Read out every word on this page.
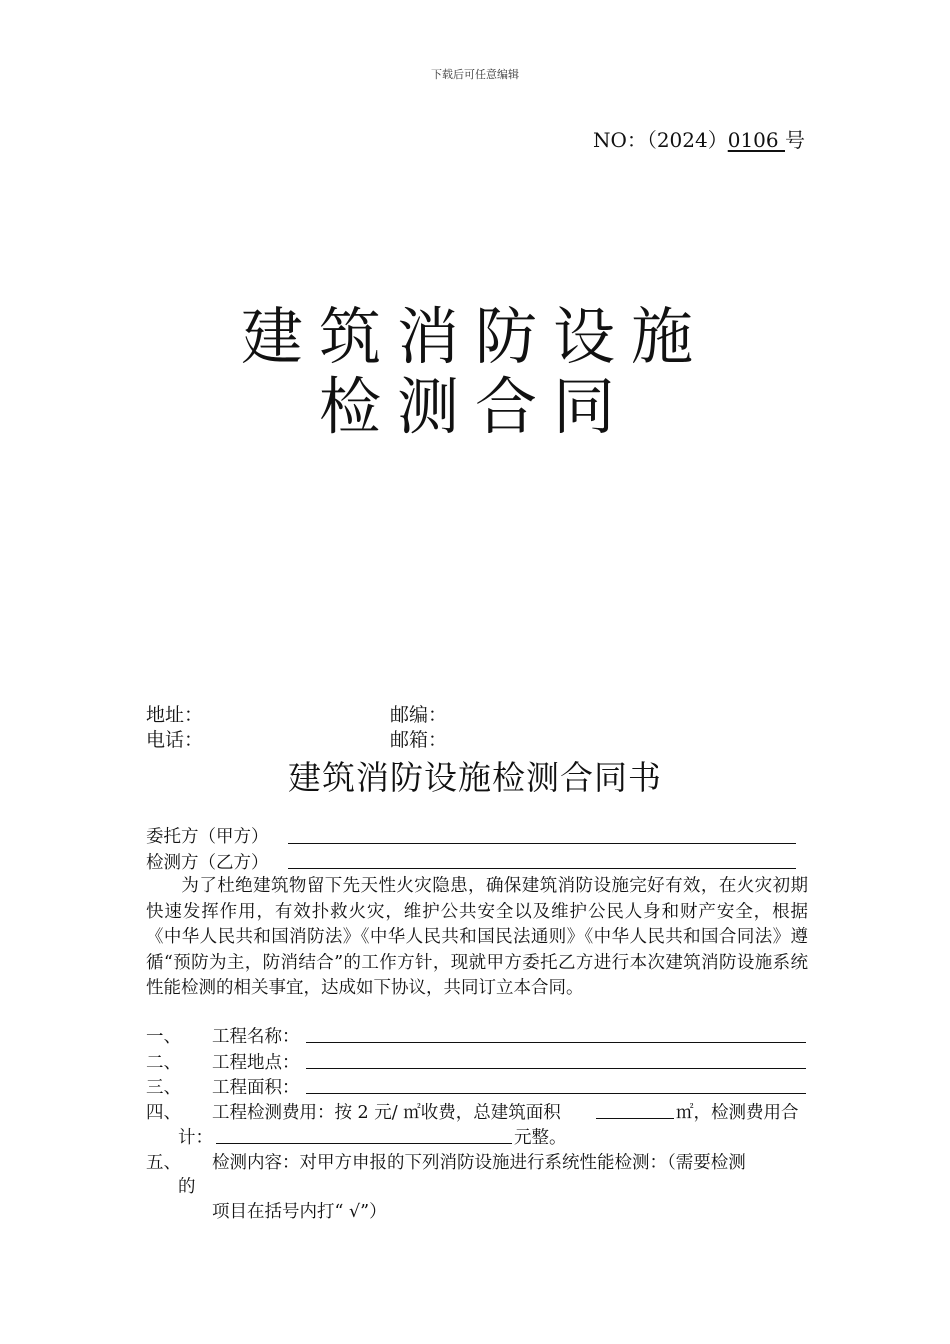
下载后可任意编辑
NO：（2024）0106 号
建筑消防设施
检测合同
地址：	邮编：
电话：	邮箱：
建筑消防设施检测合同书
委托方（甲方）
检测方（乙方）
为了杜绝建筑物留下先天性火灾隐患，确保建筑消防设施完好有效，在火灾初期快速发挥作用，有效扑救火灾，维护公共安全以及维护公民人身和财产安全，根据《中华人民共和国消防法》《中华人民共和国民法通则》《中华人民共和国合同法》遵循“预防为主，防消结合”的工作方针，现就甲方委托乙方进行本次建筑消防设施系统性能检测的相关事宜，达成如下协议，共同订立本合同。
一、 工程名称：
二、 工程地点：
三、 工程面积：
四、 工程检测费用：按 2 元/ ㎡收费，总建筑面积	㎡，检测费用合
计：	元整。
五、 检测内容：对甲方申报的下列消防设施进行系统性能检测：（需要检测
的
项目在括号内打“ √”）
